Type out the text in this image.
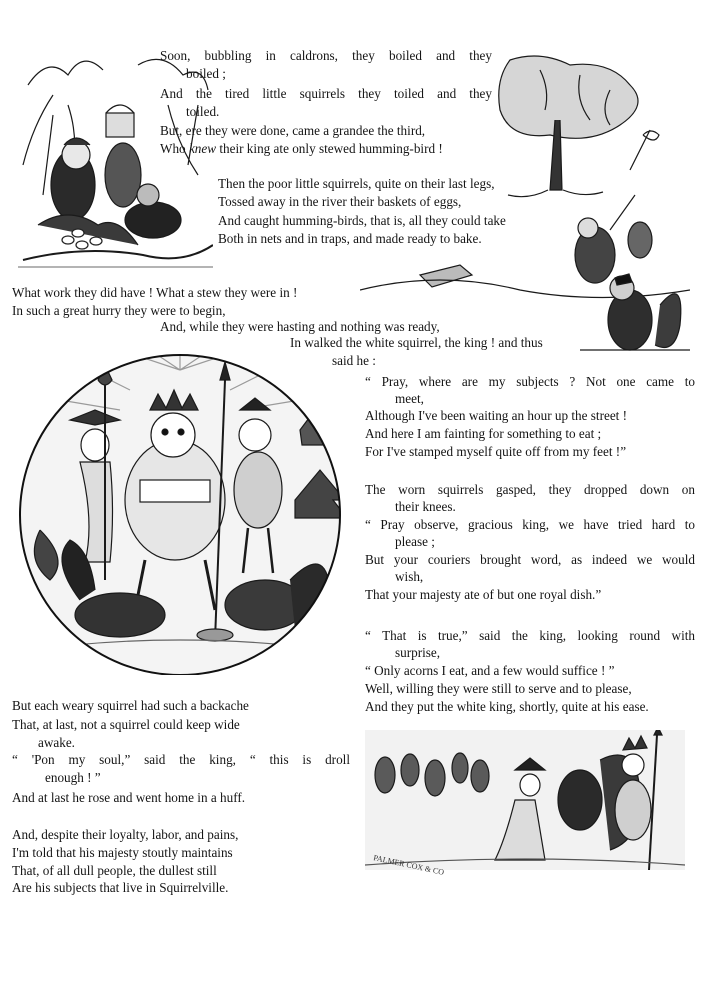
PALMER COX & CO
Soon, bubbling in caldrons, they boiled and they
boiled ;
And the tired little squirrels they toiled and they
toiled.
But, ere they were done, came a grandee the third,
Who knew their king ate only stewed humming-bird !
Then the poor little squirrels, quite on their last legs,
Tossed away in the river their baskets of eggs,
And caught humming-birds, that is, all they could take
Both in nets and in traps, and made ready to bake.
What work they did have ! What a stew they were in !
In such a great hurry they were to begin,
And, while they were hasting and nothing was ready,
In walked the white squirrel, the king ! and thus
said he :
“ Pray, where are my subjects ? Not one came to
meet,
Although I've been waiting an hour up the street !
And here I am fainting for something to eat ;
For I've stamped myself quite off from my feet !”
The worn squirrels gasped, they dropped down on
their knees.
“ Pray observe, gracious king, we have tried hard to
please ;
But your couriers brought word, as indeed we would
wish,
That your majesty ate of but one royal dish.”
“ That is true,” said the king, looking round with
surprise,
“ Only acorns I eat, and a few would suffice ! ”
Well, willing they were still to serve and to please,
And they put the white king, shortly, quite at his ease.
But each weary squirrel had such a backache
That, at last, not a squirrel could keep wide
awake.
“ 'Pon my soul,” said the king, “ this is droll
enough ! ”
And at last he rose and went home in a huff.
And, despite their loyalty, labor, and pains,
I'm told that his majesty stoutly maintains
That, of all dull people, the dullest still
Are his subjects that live in Squirrelville.
